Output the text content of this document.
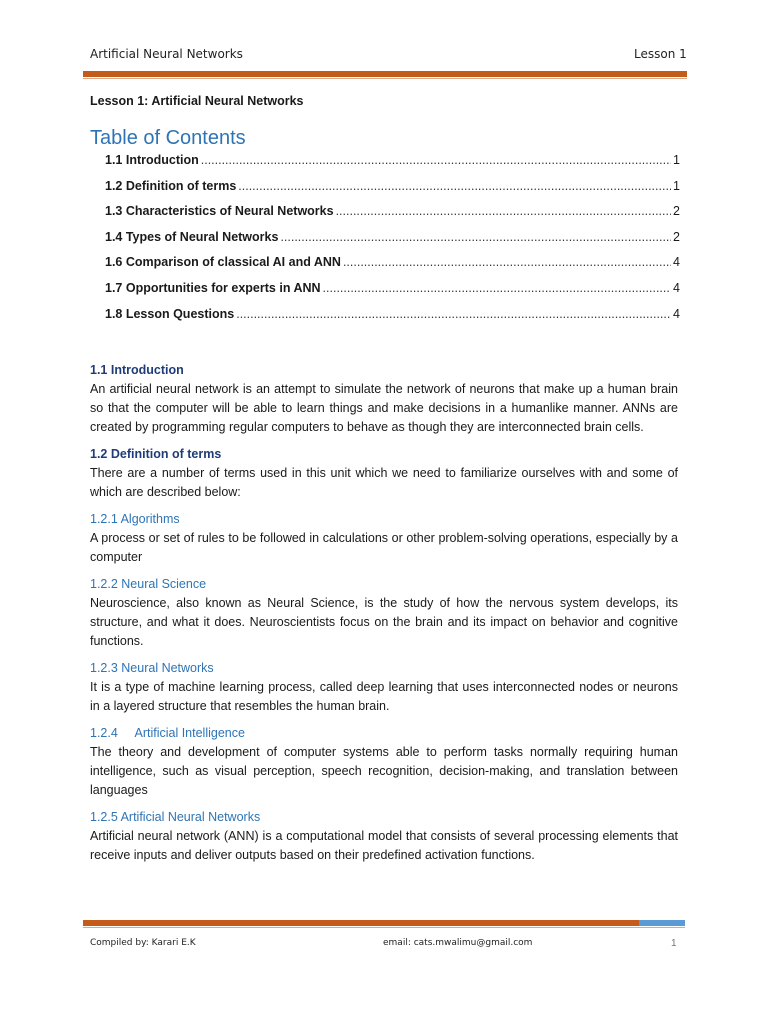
Artificial Neural Networks	Lesson 1
Lesson 1: Artificial Neural Networks
Table of Contents
1.1 Introduction .....	1
1.2 Definition of terms .....	1
1.3 Characteristics of Neural Networks .....	2
1.4 Types of Neural Networks .....	2
1.6 Comparison of classical AI and ANN .....	4
1.7 Opportunities for experts in ANN .....	4
1.8 Lesson Questions .....	4

1.1 Introduction

An artificial neural network is an attempt to simulate the network of neurons that make up a human brain so that the computer will be able to learn things and make decisions in a humanlike manner. ANNs are created by programming regular computers to behave as though they are interconnected brain cells.

1.2 Definition of terms

There are a number of terms used in this unit which we need to familiarize ourselves with and some of which are described below:

1.2.1 Algorithms

A process or set of rules to be followed in calculations or other problem-solving operations, especially by a computer

1.2.2 Neural Science

Neuroscience, also known as Neural Science, is the study of how the nervous system develops, its structure, and what it does. Neuroscientists focus on the brain and its impact on behavior and cognitive functions.

1.2.3 Neural Networks

It is a type of machine learning process, called deep learning that uses interconnected nodes or neurons in a layered structure that resembles the human brain.

1.2.4     Artificial Intelligence

The theory and development of computer systems able to perform tasks normally requiring human intelligence, such as visual perception, speech recognition, decision-making, and translation between languages

1.2.5 Artificial Neural Networks

Artificial neural network (ANN) is a computational model that consists of several processing elements that receive inputs and deliver outputs based on their predefined activation functions.

Compiled by: Karari E.K	email: cats.mwalimu@gmail.com	1
